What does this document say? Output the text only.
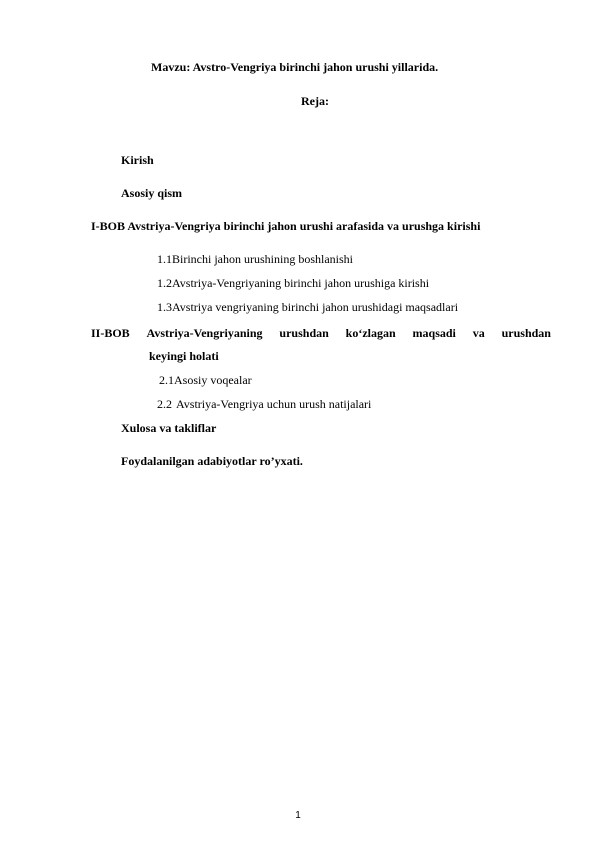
Mavzu: Avstro-Vengriya birinchi jahon urushi yillarida.
Reja:
Kirish
Asosiy qism
I-BOB Avstriya-Vengriya birinchi jahon urushi arafasida va urushga kirishi
1.1Birinchi jahon urushining boshlanishi
1.2Avstriya-Vengriyaning birinchi jahon urushiga kirishi
1.3Avstriya vengriyaning birinchi jahon urushidagi maqsadlari
II-BOB Avstriya-Vengriyaning urushdan ko‘zlagan maqsadi va urushdan
keyingi holati
2.1Asosiy voqealar
2.2 Avstriya-Vengriya uchun urush natijalari
Xulosa va takliflar
Foydalanilgan adabiyotlar ro’yxati.
1
